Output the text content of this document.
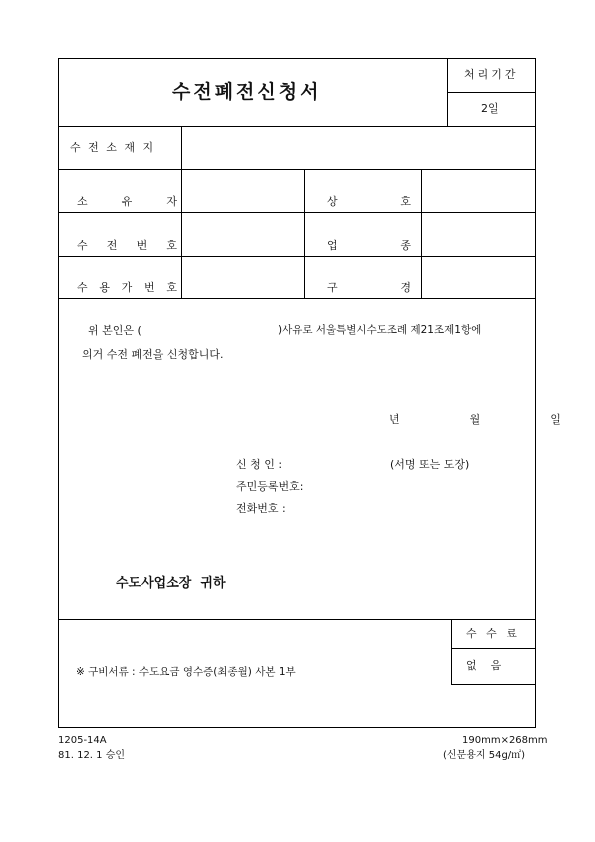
수전폐전신청서
처리기간
2일
수 전 소 재 지

소 유 자	상 호

수 전 번 호	업 종

수 용 가 번 호	구 경

위 본인은 (	)사유로 서울특별시수도조례 제21조제1항에
의거 수전 폐전을 신청합니다.
년    월    일
신 청 인 :	(서명 또는 도장)
주민등록번호:
전화번호 :
수도사업소장  귀하
※ 구비서류 : 수도요금 영수증(최종월) 사본 1부
수 수 료
없    음
1205-14A
81. 12. 1 승인
190mm×268mm
(신문용지 54g/㎡)
